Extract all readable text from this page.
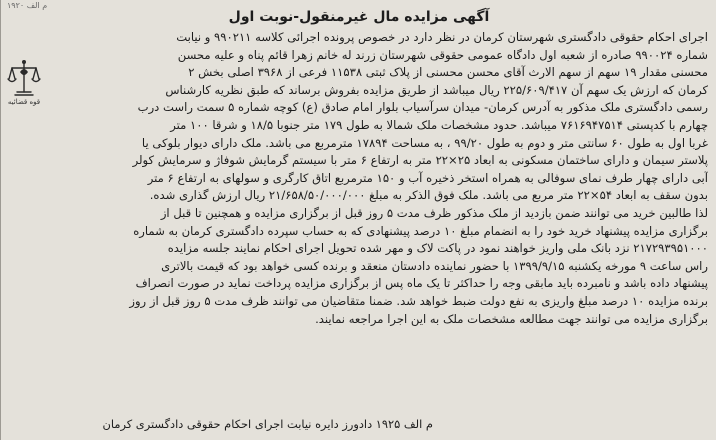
م الف ۱۹۲۰
آگهی مزایده مال غیرمنقول-نوبت اول
قوه قضائیه
اجرای احکام حقوقی دادگستری شهرستان کرمان در نظر دارد در خصوص پرونده اجرائی کلاسه ۹۹۰۲۱۱ و نیابت
شماره ۹۹۰۰۲۴ صادره از شعبه اول دادگاه عمومی حقوقی شهرستان زرند له خانم زهرا قائم پناه و علیه محسن
محسنی مقدار ۱۹ سهم از سهم الارث آقای محسن محسنی از پلاک ثبتی ۱۱۵۳۸ فرعی از ۳۹۶۸ اصلی بخش ۲
کرمان که ارزش یک سهم آن ۲۲۵/۶۰۹/۴۱۷ ریال میباشد از طریق مزایده بفروش برساند که طبق نظریه کارشناس
رسمی دادگستری ملک مذکور به آدرس کرمان- میدان سرآسیاب بلوار امام صادق (ع) کوچه شماره ۵ سمت راست درب
چهارم با کدپستی ۷۶۱۶۹۴۷۵۱۴ میباشد. حدود مشخصات ملک شمالا به طول ۱۷۹ متر جنوبا ۱۸/۵ و شرقا ۱۰۰ متر
غربا اول به طول ۶۰ سانتی متر و دوم به طول ۹۹/۲۰ ، به مساحت ۱۷۸۹۴ مترمربع می باشد. ملک دارای دیوار بلوکی یا
پلاستر سیمان و دارای ساختمان مسکونی به ابعاد ۲۵×۲۲ متر به ارتفاع ۶ متر با سیستم گرمایش شوفاژ و سرمایش کولر
آبی دارای چهار طرف نمای سوفالی به همراه استخر ذخیره آب و ۱۵۰ مترمربع اتاق کارگری و سولهای به ارتفاع ۶ متر
بدون سقف به ابعاد ۵۴×۲۲ متر مربع می باشد. ملک فوق الذکر به مبلغ ۲۱/۶۵۸/۵۰/۰۰۰/۰۰۰ ریال ارزش گذاری شده.
لذا طالبین خرید می توانند ضمن بازدید از ملک مذکور ظرف مدت ۵ روز قبل از برگزاری مزایده و همچنین تا قبل از
برگزاری مزایده پیشنهاد خرید خود را به انضمام مبلغ ۱۰ درصد پیشنهادی که به حساب سپرده دادگستری کرمان به شماره
۲۱۷۲۹۳۹۵۱۰۰۰ نزد بانک ملی واریز خواهند نمود در پاکت لاک و مهر شده تحویل اجرای احکام نمایند جلسه مزایده
راس ساعت ۹ مورخه یکشنبه ۱۳۹۹/۹/۱۵ با حضور نماینده دادستان منعقد و برنده کسی خواهد بود که قیمت بالاتری
پیشنهاد داده باشد و نامبرده باید مابقی وجه را حداکثر تا یک ماه پس از برگزاری مزایده پرداخت نماید در صورت انصراف
برنده مزایده ۱۰ درصد مبلغ واریزی به نفع دولت ضبط خواهد شد. ضمنا متقاضیان می توانند ظرف مدت ۵ روز قبل از روز
برگزاری مزایده می توانند جهت مطالعه مشخصات ملک به این اجرا مراجعه نمایند.
م الف ۱۹۲۵ دادورز دایره نیابت اجرای احکام حقوقی دادگستری کرمان
